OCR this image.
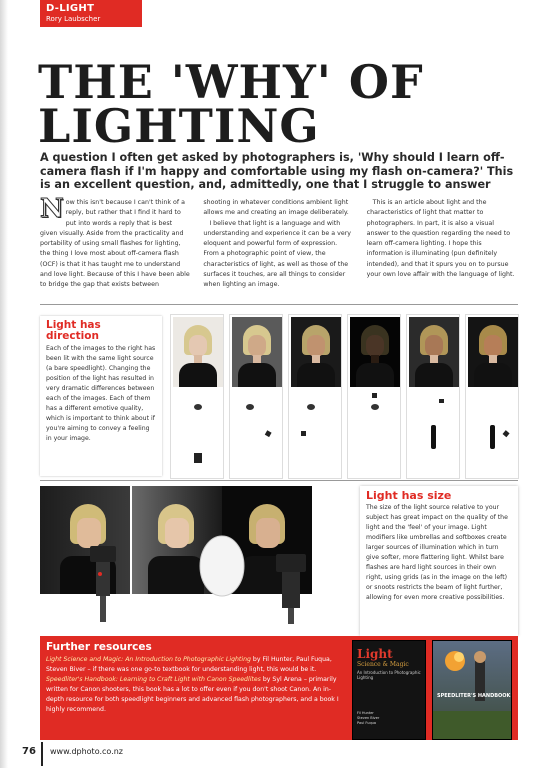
D-LIGHT
Rory Laubscher
THE 'WHY' OF LIGHTING
A question I often get asked by photographers is, 'Why should I learn off-camera flash if I'm happy and comfortable using my flash on-camera?' This is an excellent question, and, admittedly, one that I struggle to answer
Now this isn't because I can't think of a reply, but rather that I find it hard to put into words a reply that is best given visually. Aside from the practicality and portability of using small flashes for lighting, the thing I love most about off-camera flash (OCF) is that it has taught me to understand and love light. Because of this I have been able to bridge the gap that exists between

shooting in whatever conditions ambient light allows me and creating an image deliberately.

I believe that light is a language and with understanding and experience it can be a very eloquent and powerful form of expression. From a photographic point of view, the characteristics of light, as well as those of the surfaces it touches, are all things to consider when lighting an image.

This is an article about light and the characteristics of light that matter to photographers. In part, it is also a visual answer to the question regarding the need to learn off-camera lighting. I hope this information is illuminating (pun definitely intended), and that it spurs you on to pursue your own love affair with the language of light.

Light has direction
Each of the images to the right has been lit with the same light source (a bare speedlight). Changing the position of the light has resulted in very dramatic differences between each of the images. Each of them has a different emotive quality, which is important to think about if you're aiming to convey a feeling in your image.
Light has size
The size of the light source relative to your subject has great impact on the quality of the light and the 'feel' of your image. Light modifiers like umbrellas and softboxes create larger sources of illumination which in turn give softer, more flattering light. Whilst bare flashes are hard light sources in their own right, using grids (as in the image on the left) or snoots restricts the beam of light further, allowing for even more creative possibilities.
Further resources
Light Science and Magic: An Introduction to Photographic Lighting by Fil Hunter, Paul Fuqua, Steven Biver – if there was one go-to textbook for understanding light, this would be it. Speedliter's Handbook: Learning to Craft Light with Canon Speedlites by Syl Arena – primarily written for Canon shooters, this book has a lot to offer even if you don't shoot Canon. An in-depth resource for both speedlight beginners and advanced flash photographers, and a book I highly recommend.
Light
Science & Magic
An Introduction to Photographic Lighting
Fil Hunter
Steven Biver
Paul Fuqua
SPEEDLITER'S HANDBOOK
76 www.dphoto.co.nz
